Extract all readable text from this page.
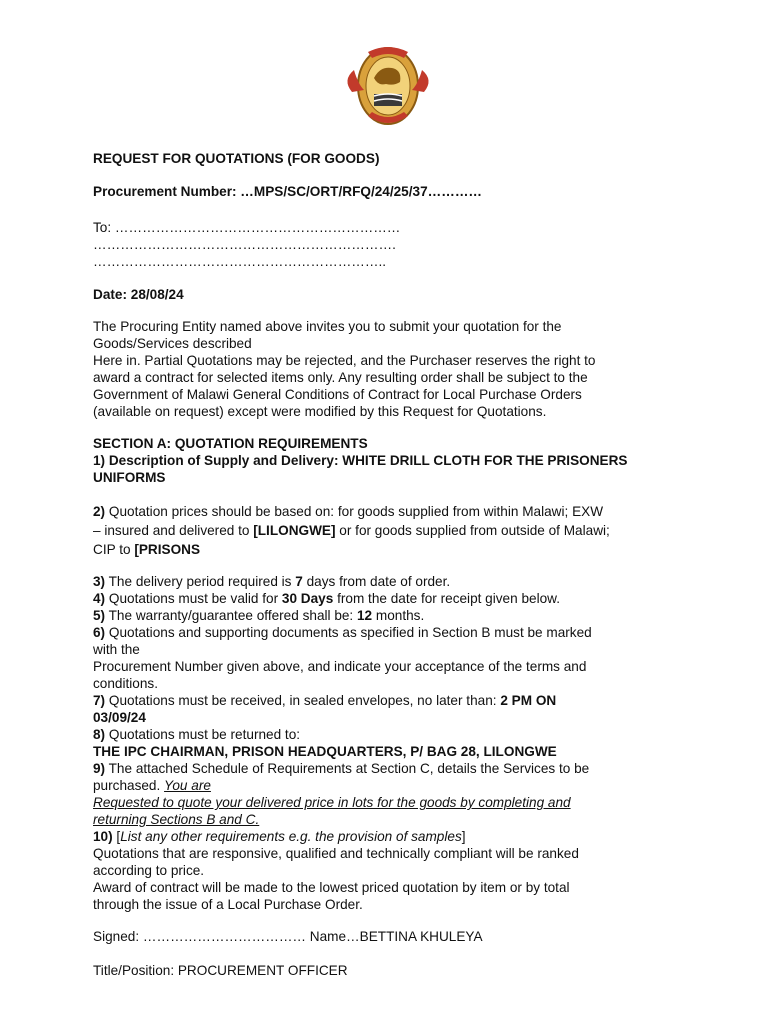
REQUEST FOR QUOTATIONS (FOR GOODS)
Procurement Number: …MPS/SC/ORT/RFQ/24/25/37…………
To: ………………………………………………………
………………………………………………………….
………………………………………………………..
Date: 28/08/24
The Procuring Entity named above invites you to submit your quotation for the
Goods/Services described
Here in. Partial Quotations may be rejected, and the Purchaser reserves the right to
award a contract for selected items only. Any resulting order shall be subject to the
Government of Malawi General Conditions of Contract for Local Purchase Orders
(available on request) except were modified by this Request for Quotations.
SECTION A: QUOTATION REQUIREMENTS
1) Description of Supply and Delivery: WHITE DRILL CLOTH FOR THE PRISONERS
UNIFORMS
2) Quotation prices should be based on: for goods supplied from within Malawi; EXW
– insured and delivered to [LILONGWE] or for goods supplied from outside of Malawi;
CIP to [PRISONS
3) The delivery period required is 7 days from date of order.
4) Quotations must be valid for 30 Days from the date for receipt given below.
5) The warranty/guarantee offered shall be: 12 months.
6) Quotations and supporting documents as specified in Section B must be marked
with the
Procurement Number given above, and indicate your acceptance of the terms and
conditions.
7) Quotations must be received, in sealed envelopes, no later than: 2 PM ON
03/09/24
8) Quotations must be returned to:
THE IPC CHAIRMAN, PRISON HEADQUARTERS, P/ BAG 28, LILONGWE
9) The attached Schedule of Requirements at Section C, details the Services to be
purchased. You are
Requested to quote your delivered price in lots for the goods by completing and
returning Sections B and C.
10) [List any other requirements e.g. the provision of samples]
Quotations that are responsive, qualified and technically compliant will be ranked
according to price.
Award of contract will be made to the lowest priced quotation by item or by total
through the issue of a Local Purchase Order.
Signed: ……………………………… Name…BETTINA KHULEYA
Title/Position: PROCUREMENT OFFICER
